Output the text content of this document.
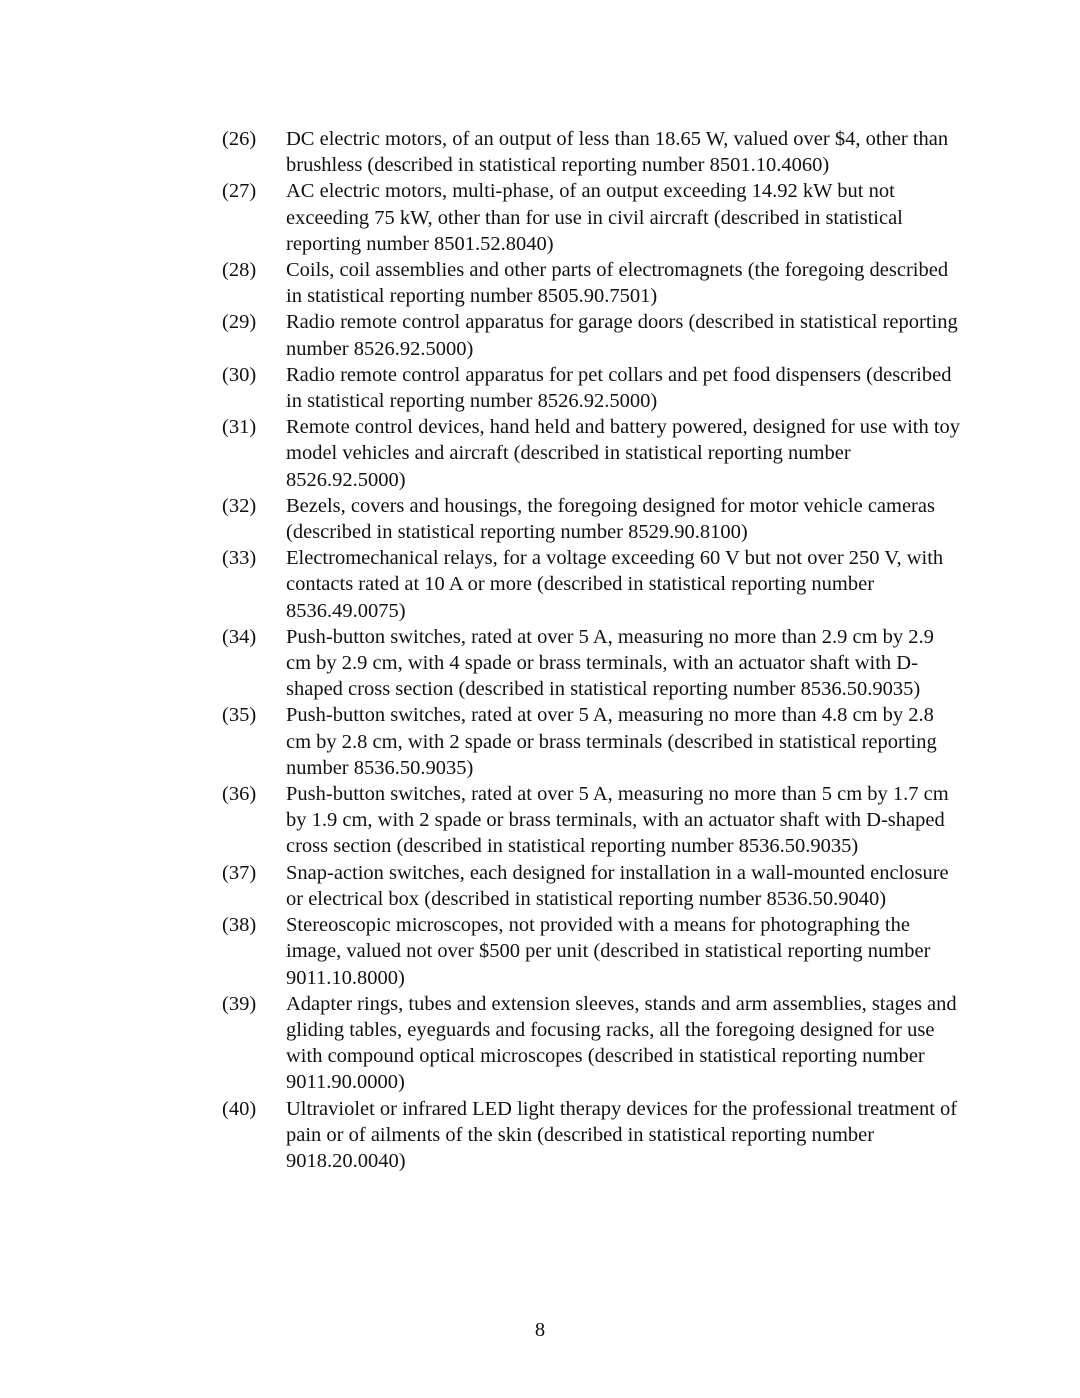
(26)	DC electric motors, of an output of less than 18.65 W, valued over $4, other than brushless (described in statistical reporting number 8501.10.4060)
(27)	AC electric motors, multi-phase, of an output exceeding 14.92 kW but not exceeding 75 kW, other than for use in civil aircraft (described in statistical reporting number 8501.52.8040)
(28)	Coils, coil assemblies and other parts of electromagnets (the foregoing described in statistical reporting number 8505.90.7501)
(29)	Radio remote control apparatus for garage doors (described in statistical reporting number 8526.92.5000)
(30)	Radio remote control apparatus for pet collars and pet food dispensers (described in statistical reporting number 8526.92.5000)
(31)	Remote control devices, hand held and battery powered, designed for use with toy model vehicles and aircraft (described in statistical reporting number 8526.92.5000)
(32)	Bezels, covers and housings, the foregoing designed for motor vehicle cameras (described in statistical reporting number 8529.90.8100)
(33)	Electromechanical relays, for a voltage exceeding 60 V but not over 250 V, with contacts rated at 10 A or more (described in statistical reporting number 8536.49.0075)
(34)	Push-button switches, rated at over 5 A, measuring no more than 2.9 cm by 2.9 cm by 2.9 cm, with 4 spade or brass terminals, with an actuator shaft with D-shaped cross section (described in statistical reporting number 8536.50.9035)
(35)	Push-button switches, rated at over 5 A, measuring no more than 4.8 cm by 2.8 cm by 2.8 cm, with 2 spade or brass terminals (described in statistical reporting number 8536.50.9035)
(36)	Push-button switches, rated at over 5 A, measuring no more than 5 cm by 1.7 cm by 1.9 cm, with 2 spade or brass terminals, with an actuator shaft with D-shaped cross section (described in statistical reporting number 8536.50.9035)
(37)	Snap-action switches, each designed for installation in a wall-mounted enclosure or electrical box (described in statistical reporting number 8536.50.9040)
(38)	Stereoscopic microscopes, not provided with a means for photographing the image, valued not over $500 per unit (described in statistical reporting number 9011.10.8000)
(39)	Adapter rings, tubes and extension sleeves, stands and arm assemblies, stages and gliding tables, eyeguards and focusing racks, all the foregoing designed for use with compound optical microscopes (described in statistical reporting number 9011.90.0000)
(40)	Ultraviolet or infrared LED light therapy devices for the professional treatment of pain or of ailments of the skin (described in statistical reporting number 9018.20.0040)
8
